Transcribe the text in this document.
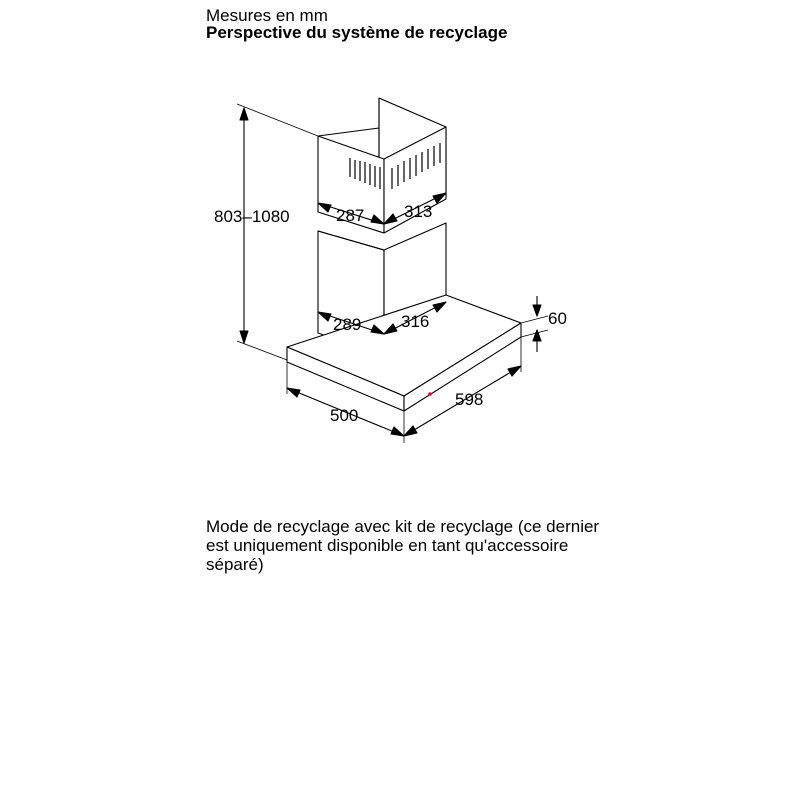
Mesures en mm
Perspective du système de recyclage
803–1080	287 313
289 316	60
500
598
Mode de recyclage avec kit de recyclage (ce dernier est uniquement disponible en tant qu'accessoire séparé)
